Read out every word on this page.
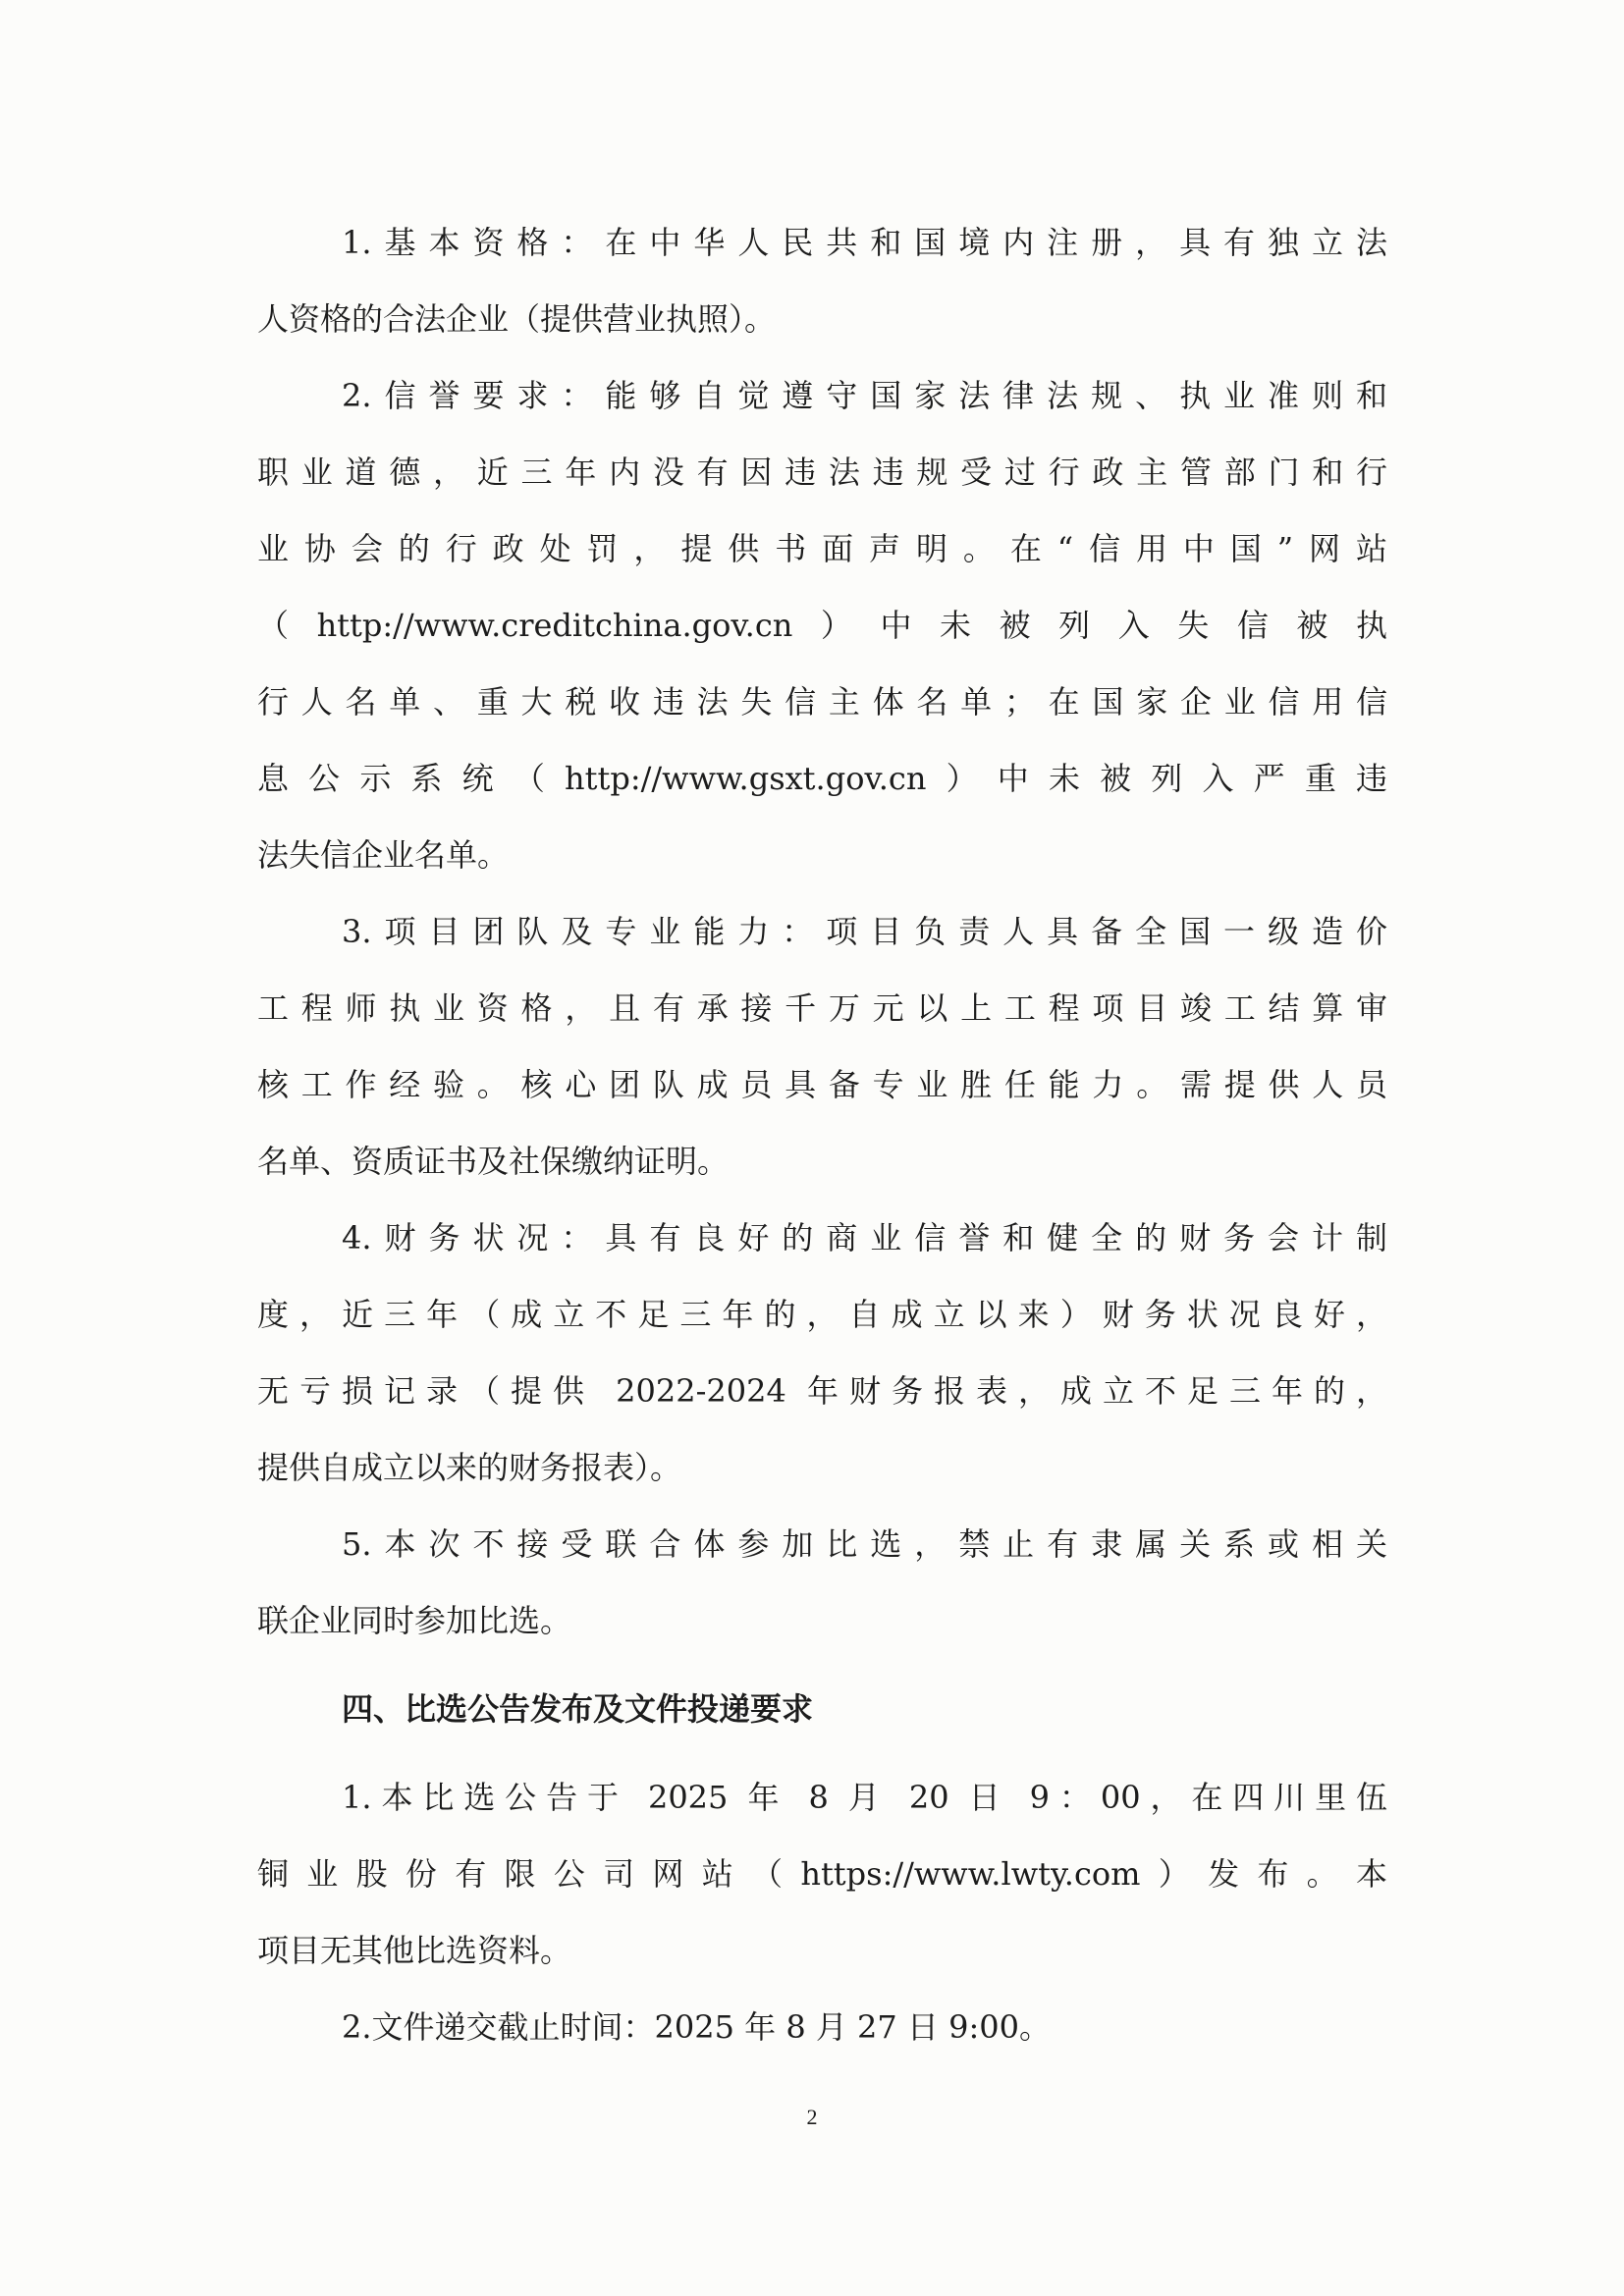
1.基本资格：在中华人民共和国境内注册，具有独立法
人资格的合法企业（提供营业执照）。
2.信誉要求：能够自觉遵守国家法律法规、执业准则和
职业道德，近三年内没有因违法违规受过行政主管部门和行
业协会的行政处罚，提供书面声明。在“信用中国”网站
（http://www.creditchina.gov.cn）中未被列入失信被执
行人名单、重大税收违法失信主体名单；在国家企业信用信
息公示系统（http://www.gsxt.gov.cn）中未被列入严重违
法失信企业名单。
3.项目团队及专业能力：项目负责人具备全国一级造价
工程师执业资格，且有承接千万元以上工程项目竣工结算审
核工作经验。核心团队成员具备专业胜任能力。需提供人员
名单、资质证书及社保缴纳证明。
4.财务状况：具有良好的商业信誉和健全的财务会计制
度，近三年（成立不足三年的，自成立以来）财务状况良好，
无亏损记录（提供 2022-2024 年财务报表，成立不足三年的，
提供自成立以来的财务报表）。
5.本次不接受联合体参加比选，禁止有隶属关系或相关
联企业同时参加比选。
四、比选公告发布及文件投递要求
1.本比选公告于 2025 年 8 月 20 日 9：00，在四川里伍
铜业股份有限公司网站（https://www.lwty.com）发布。本
项目无其他比选资料。
2.文件递交截止时间：2025 年 8 月 27 日 9:00。
2
